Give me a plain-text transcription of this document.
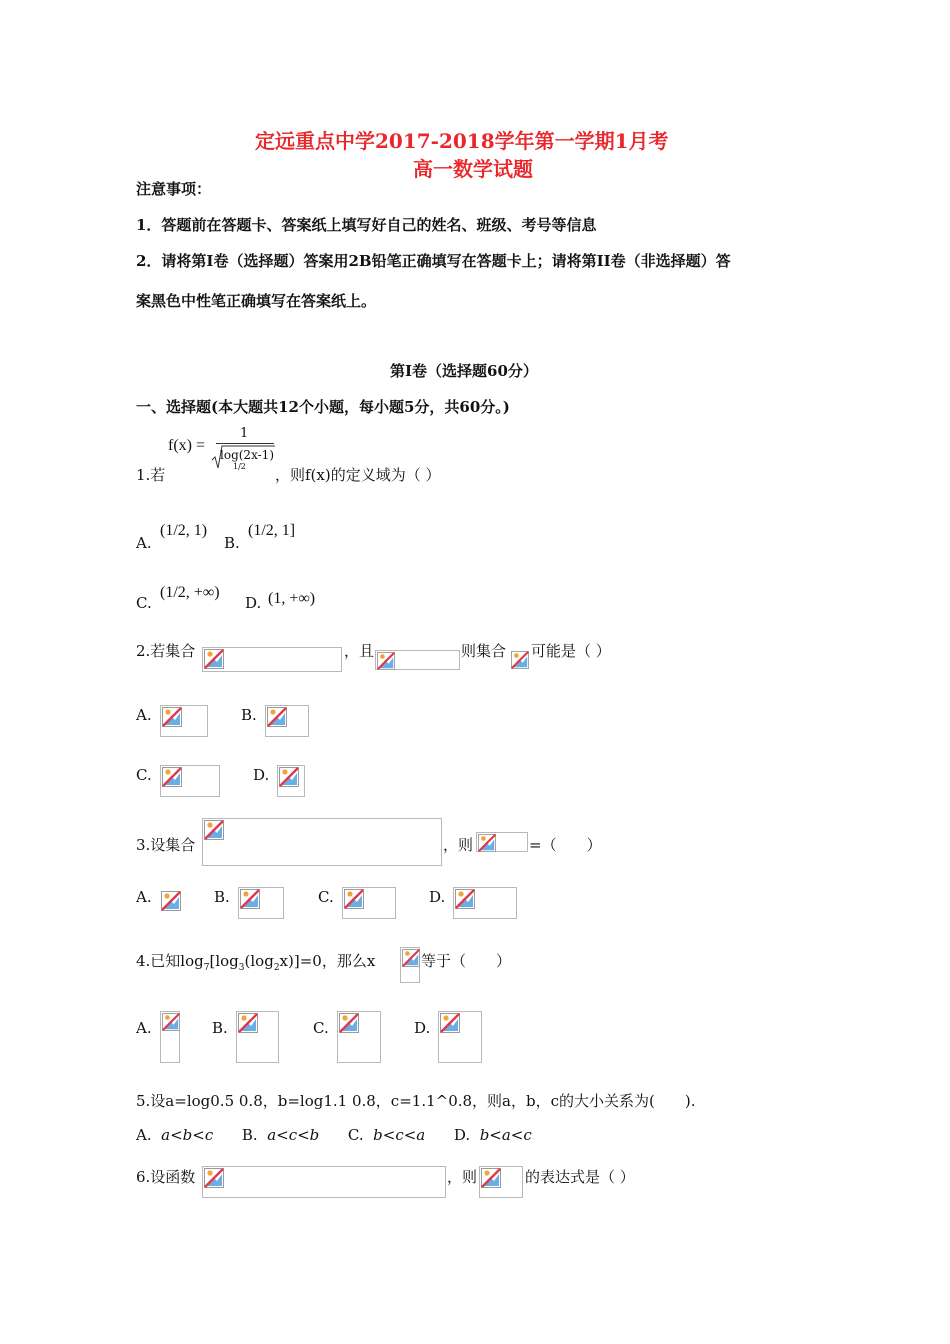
定远重点中学2017-2018学年第一学期1月考
高一数学试题
注意事项：
1．答题前在答题卡、答案纸上填写好自己的姓名、班级、考号等信息
2．请将第I卷（选择题）答案用2B铅笔正确填写在答题卡上；请将第II卷（非选择题）答
案黑色中性笔正确填写在答案纸上。
第I卷（选择题60分）
一、选择题(本大题共12个小题，每小题5分，共60分。)
f(x) =
1
log(2x-1)
1/2
1.若	，则f(x)的定义域为（ ）
A.
(1/2, 1)
B.
(1/2, 1]
C.
(1/2, +∞)
D. (1, +∞)
2.若集合	，且	则集合 可能是（ ）
A.	B.
C.	D.
3.设集合	，则	=（　　）
A.	B.	C.	D.
4.已知$\log_7[\log_3(\log_2x)]=0$，那么x	等于（　　）
A.	B.	C.	D.
5.设a=log0.5 0.8，b=log1.1 0.8，c=1.1^0.8，则a，b，c的大小关系为(　　).
A. a<b<c B. a<c<b C. b<c<a D. b<a<c
6.设函数	，则	的表达式是（ ）
